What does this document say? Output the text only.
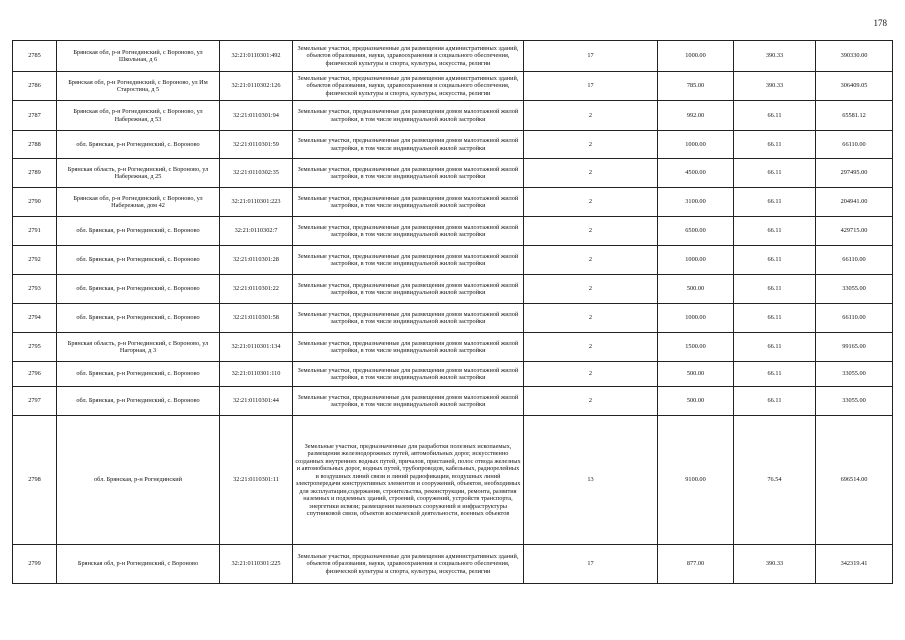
178
2785	Брянская обл, р-н Рогнединский, с Вороново, ул Школьная, д 6	32:21:0110301:492	Земельные участки, предназначенные для размещения административных зданий, объектов образования, науки, здравоохранения и социального обеспечения, физической культуры и спорта, культуры, искусства, религии	17	1000.00	390.33	390330.00
2786	Брянская обл, р-н Рогнединский, с Вороново, ул Им Старостина, д 5	32:21:0110302:126	Земельные участки, предназначенные для размещения административных зданий, объектов образования, науки, здравоохранения и социального обеспечения, физической культуры и спорта, культуры, искусства, религии	17	785.00	390.33	306409.05
2787	Брянская обл, р-н Рогнединский, с Вороново, ул Набережная, д 53	32:21:0110301:94	Земельные участки, предназначенные для размещения домов малоэтажной жилой застройки, в том числе индивидуальной жилой застройки	2	992.00	66.11	65581.12
2788	обл. Брянская, р-н Рогнединский, с. Вороново	32:21:0110301:59	Земельные участки, предназначенные для размещения домов малоэтажной жилой застройки, в том числе индивидуальной жилой застройки	2	1000.00	66.11	66110.00
2789	Брянская область, р-н Рогнединский, с Вороново, ул Набережная, д 25	32:21:0110302:35	Земельные участки, предназначенные для размещения домов малоэтажной жилой застройки, в том числе индивидуальной жилой застройки	2	4500.00	66.11	297495.00
2790	Брянская обл, р-н Рогнединский, с Вороново, ул Набережная, дом 42	32:21:0110301:223	Земельные участки, предназначенные для размещения домов малоэтажной жилой застройки, в том числе индивидуальной жилой застройки	2	3100.00	66.11	204941.00
2791	обл. Брянская, р-н Рогнединский, с. Вороново	32:21:0110302:7	Земельные участки, предназначенные для размещения домов малоэтажной жилой застройки, в том числе индивидуальной жилой застройки	2	6500.00	66.11	429715.00
2792	обл. Брянская, р-н Рогнединский, с. Вороново	32:21:0110301:28	Земельные участки, предназначенные для размещения домов малоэтажной жилой застройки, в том числе индивидуальной жилой застройки	2	1000.00	66.11	66110.00
2793	обл. Брянская, р-н Рогнединский, с. Вороново	32:21:0110301:22	Земельные участки, предназначенные для размещения домов малоэтажной жилой застройки, в том числе индивидуальной жилой застройки	2	500.00	66.11	33055.00
2794	обл. Брянская, р-н Рогнединский, с. Вороново	32:21:0110301:58	Земельные участки, предназначенные для размещения домов малоэтажной жилой застройки, в том числе индивидуальной жилой застройки	2	1000.00	66.11	66110.00
2795	Брянская область, р-н Рогнединский, с Вороново, ул Нагорная, д 3	32:21:0110301:134	Земельные участки, предназначенные для размещения домов малоэтажной жилой застройки, в том числе индивидуальной жилой застройки	2	1500.00	66.11	99165.00
2796	обл. Брянская, р-н Рогнединский, с. Вороново	32:21:0110301:110	Земельные участки, предназначенные для размещения домов малоэтажной жилой застройки, в том числе индивидуальной жилой застройки	2	500.00	66.11	33055.00
2797	обл. Брянская, р-н Рогнединский, с. Вороново	32:21:0110301:44	Земельные участки, предназначенные для размещения домов малоэтажной жилой застройки, в том числе индивидуальной жилой застройки	2	500.00	66.11	33055.00
2798	обл. Брянская, р-н Рогнединский	32:21:0110301:11	Земельные участки, предназначенные для разработки полезных ископаемых, размещения железнодорожных путей, автомобильных дорог, искусственно созданных внутренних водных путей, причалов, пристаней, полос отвода железных и автомобильных дорог, водных путей, трубопроводов, кабельных, радиорелейных и воздушных линий связи и линий радиофикации, воздушных линий электропередачи конструктивных элементов и сооружений, объектов, необходимых для эксплуатации,содержания, строительства, реконструкции, ремонта, развития наземных и подземных зданий, строений, сооружений, устройств транспорта, энергетики исвязи; размещения наземных сооружений и инфраструктуры спутниковой связи, объектов космической деятельности, военных объектов	13	9100.00	76.54	696514.00
2799	Брянская обл, р-н Рогнединский, с Вороново	32:21:0110301:225	Земельные участки, предназначенные для размещения административных зданий, объектов образования, науки, здравоохранения и социального обеспечения, физической культуры и спорта, культуры, искусства, религии	17	877.00	390.33	342319.41
